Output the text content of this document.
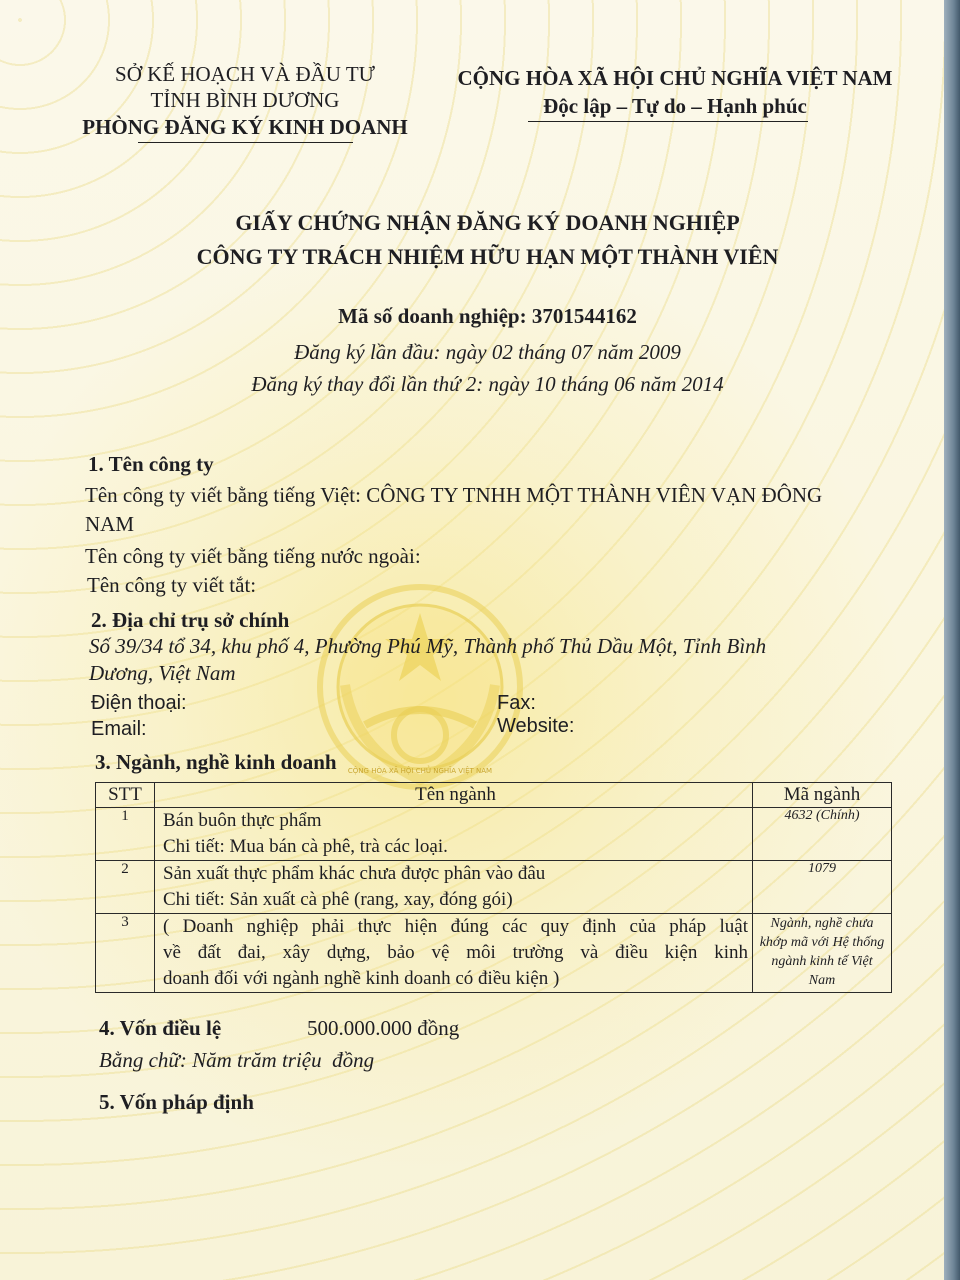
CỘNG HÒA XÃ HỘI CHỦ NGHĨA VIỆT NAM
SỞ KẾ HOẠCH VÀ ĐẦU TƯ
TỈNH BÌNH DƯƠNG
PHÒNG ĐĂNG KÝ KINH DOANH
CỘNG HÒA XÃ HỘI CHỦ NGHĨA VIỆT NAM
Độc lập – Tự do – Hạnh phúc
GIẤY CHỨNG NHẬN ĐĂNG KÝ DOANH NGHIỆP
CÔNG TY TRÁCH NHIỆM HỮU HẠN MỘT THÀNH VIÊN
Mã số doanh nghiệp: 3701544162
Đăng ký lần đầu: ngày 02 tháng 07 năm 2009
Đăng ký thay đổi lần thứ 2: ngày 10 tháng 06 năm 2014
1. Tên công ty
Tên công ty viết bằng tiếng Việt: CÔNG TY TNHH MỘT THÀNH VIÊN VẠN ĐÔNG
NAM
Tên công ty viết bằng tiếng nước ngoài:
Tên công ty viết tắt:
2. Địa chỉ trụ sở chính
Số 39/34 tổ 34, khu phố 4, Phường Phú Mỹ, Thành phố Thủ Dầu Một, Tỉnh Bình
Dương, Việt Nam
Điện thoại:	Fax:
Email:	Website:
3. Ngành, nghề kinh doanh
STT	Tên ngành	Mã ngành
1	Bán buôn thực phẩm
Chi tiết: Mua bán cà phê, trà các loại.	4632 (Chính)
2	Sản xuất thực phẩm khác chưa được phân vào đâu
Chi tiết: Sản xuất cà phê (rang, xay, đóng gói)	1079
3	( Doanh nghiệp phải thực hiện đúng các quy định của pháp luật
về đất đai, xây dựng, bảo vệ môi trường và điều kiện kinh
doanh đối với ngành nghề kinh doanh có điều kiện )	Ngành, nghề chưa khớp mã với Hệ thống ngành kinh tế Việt Nam
4. Vốn điều lệ	500.000.000 đồng
Bằng chữ: Năm trăm triệu  đồng
5. Vốn pháp định
